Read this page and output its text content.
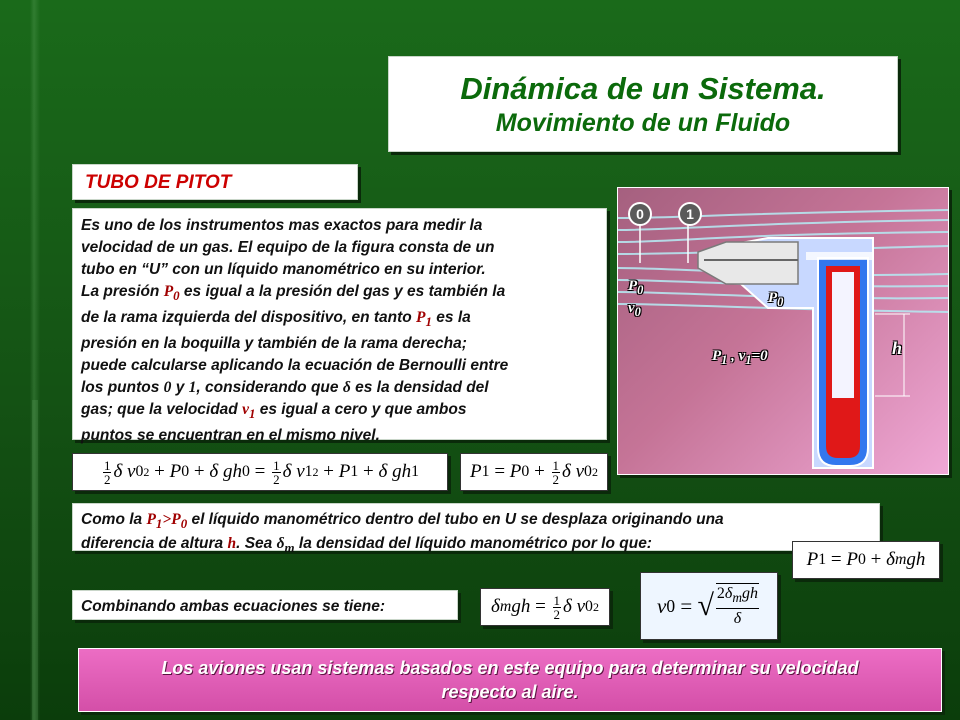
Dinámica de un Sistema.
Movimiento de un Fluido
TUBO DE PITOT
Es uno de los instrumentos mas exactos para medir la
velocidad de un gas. El equipo de la figura consta de un
tubo en “U” con un líquido manométrico en su interior.
La presión $P_0$ es igual a la presión del gas y es también la
de la rama izquierda del dispositivo, en tanto $P_1$ es la
presión en la boquilla y también de la rama derecha;
puede calcularse aplicando la ecuación de Bernoulli entre
los puntos 0 y 1, considerando que δ es la densidad del
gas; que la velocidad $v_1$ es igual a cero y que ambos
puntos se encuentran en el mismo nivel.
$\frac{1}{2}$ δ v 0 2 + P 0 + δ gh $0 = \frac{1}{2}$ δ v 1 2 + P 1 + δ gh 1	P 1 = P $0 + \frac{1}{2}$ δ v 0 2
0	1
$P_0$
$v_0$
$P_0$
$P_1$ , $v_1=0$	h
Como la $P_1>P_0$ el líquido manométrico dentro del tubo en U se desplaza originando una
diferencia de altura h. Sea $\delta_m$ la densidad del líquido manométrico por lo que:
P 1 = P 0 + δ m gh
Combinando ambas ecuaciones se tiene:	δ m gh = $\frac{1}{2}$ δ v 0 2	v 0 = √ $\frac{2\delta_mgh}{\delta}$
Los aviones usan sistemas basados en este equipo para determinar su velocidad
respecto al aire.
